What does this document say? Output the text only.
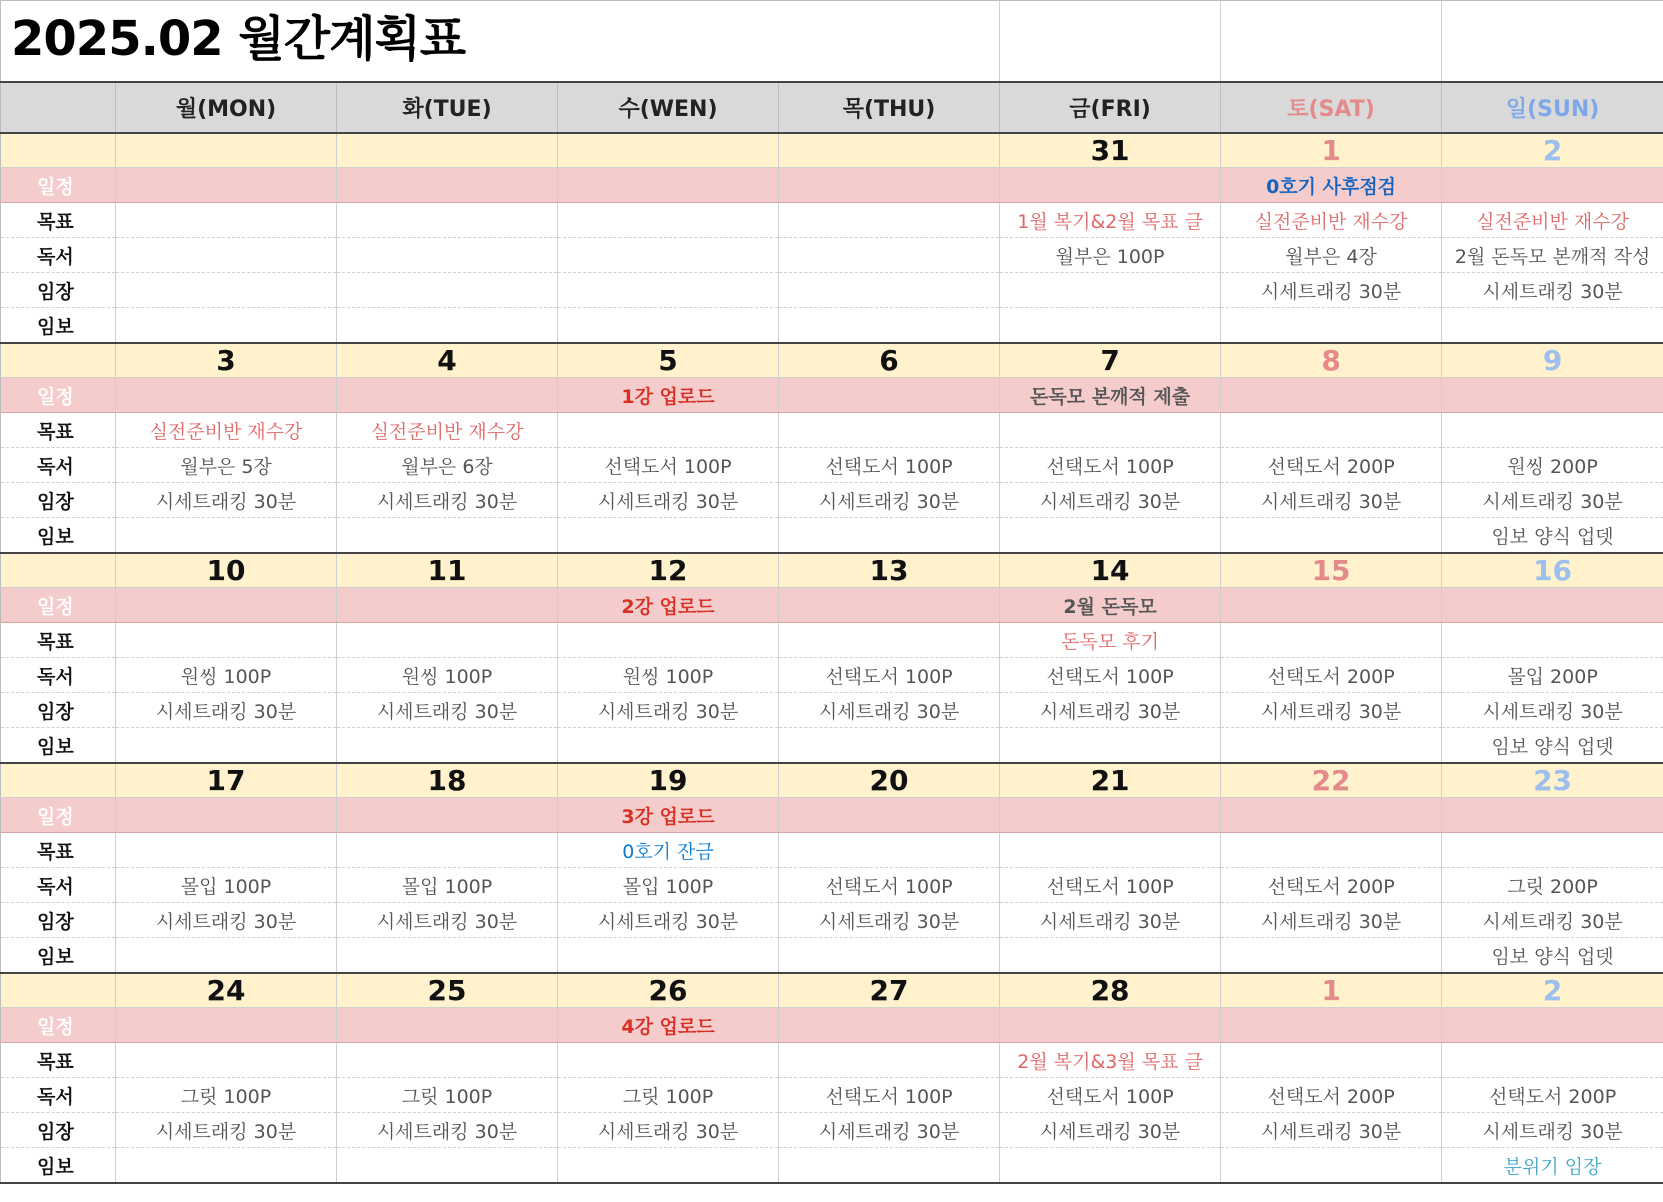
2025.02 월간계획표							

	월(MON)	화(TUE)	수(WEN)	목(THU)	금(FRI)	토(SAT)	일(SUN)
					31	1	2
일정						0호기 사후점검	
목표					1월 복기&2월 목표 글	실전준비반 재수강	실전준비반 재수강
독서					월부은 100P	월부은 4장	2월 돈독모 본깨적 작성
임장						시세트래킹 30분	시세트래킹 30분
임보							
	3	4	5	6	7	8	9
일정			1강 업로드		돈독모 본깨적 제출		
목표	실전준비반 재수강	실전준비반 재수강					
독서	월부은 5장	월부은 6장	선택도서 100P	선택도서 100P	선택도서 100P	선택도서 200P	원씽 200P
임장	시세트래킹 30분	시세트래킹 30분	시세트래킹 30분	시세트래킹 30분	시세트래킹 30분	시세트래킹 30분	시세트래킹 30분
임보							임보 양식 업뎃
	10	11	12	13	14	15	16
일정			2강 업로드		2월 돈독모		
목표					돈독모 후기		
독서	원씽 100P	원씽 100P	원씽 100P	선택도서 100P	선택도서 100P	선택도서 200P	몰입 200P
임장	시세트래킹 30분	시세트래킹 30분	시세트래킹 30분	시세트래킹 30분	시세트래킹 30분	시세트래킹 30분	시세트래킹 30분
임보							임보 양식 업뎃
	17	18	19	20	21	22	23
일정			3강 업로드				
목표			0호기 잔금				
독서	몰입 100P	몰입 100P	몰입 100P	선택도서 100P	선택도서 100P	선택도서 200P	그릿 200P
임장	시세트래킹 30분	시세트래킹 30분	시세트래킹 30분	시세트래킹 30분	시세트래킹 30분	시세트래킹 30분	시세트래킹 30분
임보							임보 양식 업뎃
	24	25	26	27	28	1	2
일정			4강 업로드				
목표					2월 복기&3월 목표 글		
독서	그릿 100P	그릿 100P	그릿 100P	선택도서 100P	선택도서 100P	선택도서 200P	선택도서 200P
임장	시세트래킹 30분	시세트래킹 30분	시세트래킹 30분	시세트래킹 30분	시세트래킹 30분	시세트래킹 30분	시세트래킹 30분
임보							분위기 임장
